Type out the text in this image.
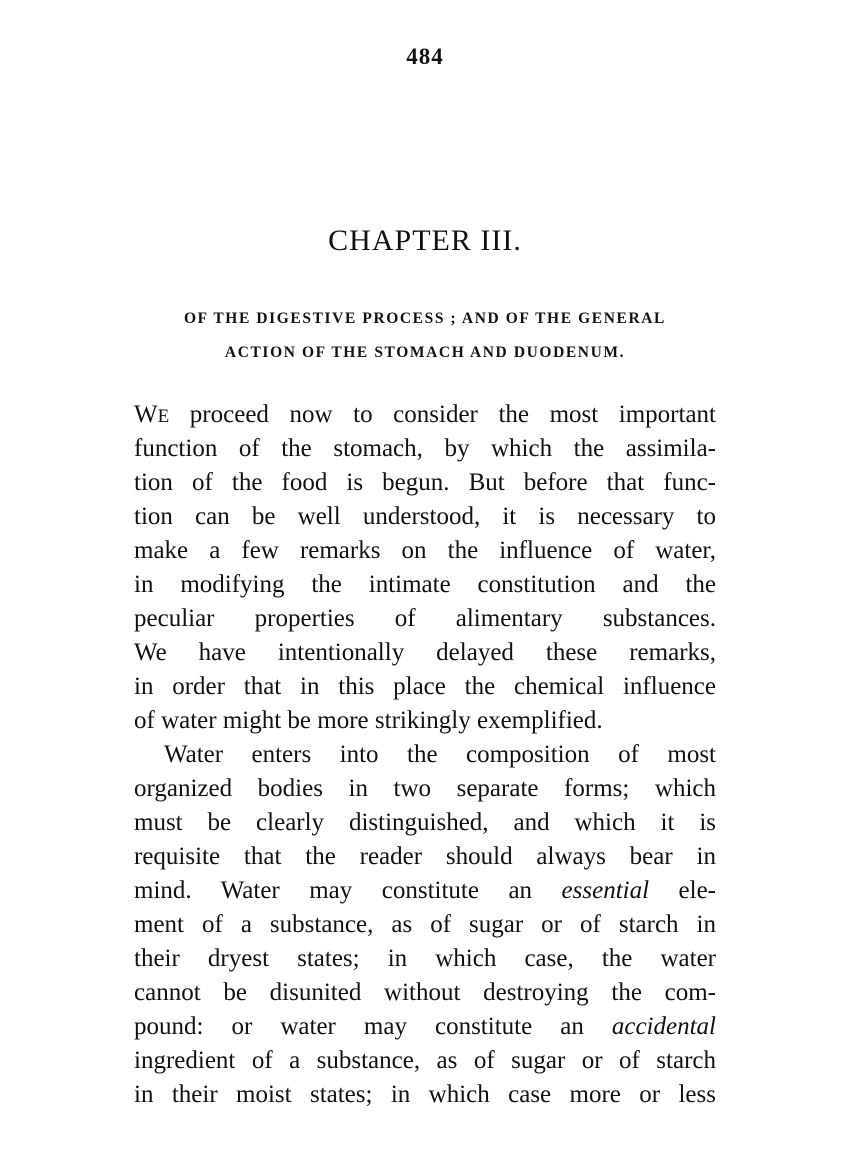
484
CHAPTER III.
OF THE DIGESTIVE PROCESS ; AND OF THE GENERAL
ACTION OF THE STOMACH AND DUODENUM.
WE proceed now to consider the most important
function of the stomach, by which the assimila-
tion of the food is begun. But before that func-
tion can be well understood, it is necessary to
make a few remarks on the influence of water,
in modifying the intimate constitution and the
peculiar properties of alimentary substances.
We have intentionally delayed these remarks,
in order that in this place the chemical influence
of water might be more strikingly exemplified.
Water enters into the composition of most
organized bodies in two separate forms; which
must be clearly distinguished, and which it is
requisite that the reader should always bear in
mind. Water may constitute an essential ele-
ment of a substance, as of sugar or of starch in
their dryest states; in which case, the water
cannot be disunited without destroying the com-
pound: or water may constitute an accidental
ingredient of a substance, as of sugar or of starch
in their moist states; in which case more or less
